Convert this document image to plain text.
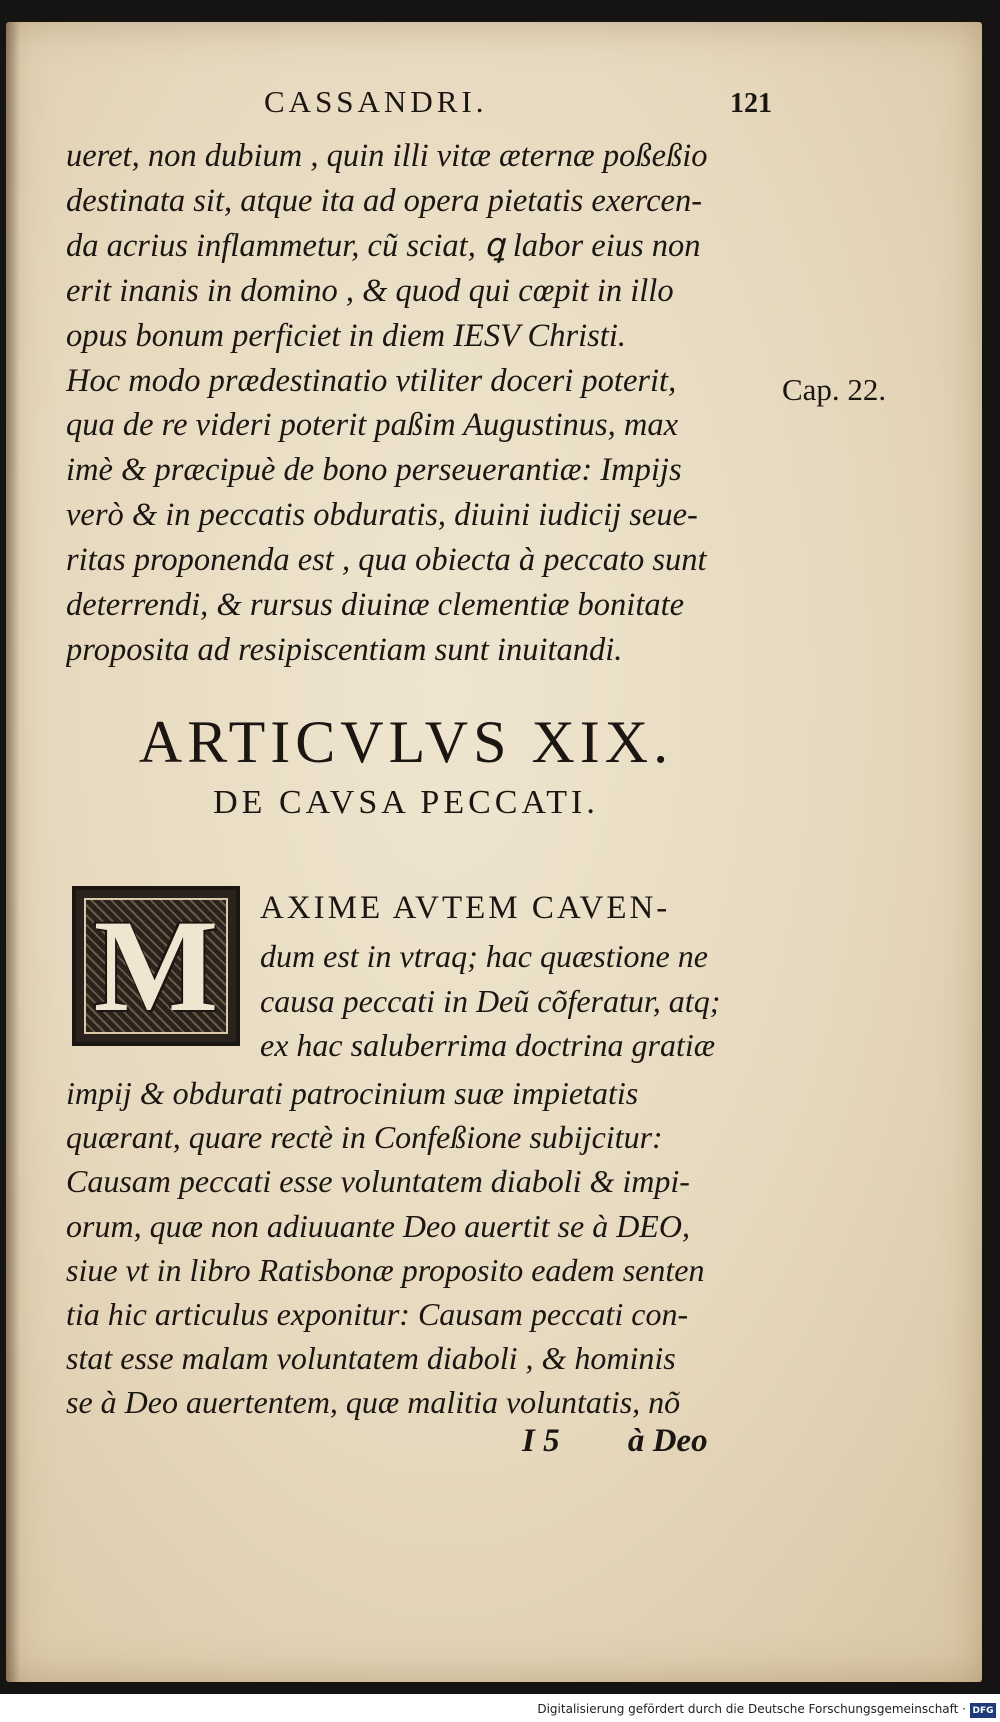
CASSANDRI.	121
ueret, non dubium , quin illi vitæ æternæ poßeßio
destinata sit, atque ita ad opera pietatis exercen-
da acrius inflammetur, cũ sciat, ꝗ labor eius non
erit inanis in domino , & quod qui cœpit in illo
opus bonum perficiet in diem IESV Christi.
Hoc modo prædestinatio vtiliter doceri poterit,
qua de re videri poterit paßim Augustinus, max
imè & præcipuè de bono perseuerantiæ: Impijs
verò & in peccatis obduratis, diuini iudicij seue-
ritas proponenda est , qua obiecta à peccato sunt
deterrendi, & rursus diuinæ clementiæ bonitate
proposita ad resipiscentiam sunt inuitandi.
Cap. 22.
ARTICVLVS XIX.
DE CAVSA PECCATI.
M	AXIME AVTEM CAVEN-
dum est in vtraq; hac quæstione ne
causa peccati in Deũ cõferatur, atq;
ex hac saluberrima doctrina gratiæ
impij & obdurati patrocinium suæ impietatis
quærant, quare rectè in Confeßione subijcitur:
Causam peccati esse voluntatem diaboli & impi-
orum, quæ non adiuuante Deo auertit se à DEO,
siue vt in libro Ratisbonæ proposito eadem senten
tia hic articulus exponitur: Causam peccati con-
stat esse malam voluntatem diaboli , & hominis
se à Deo auertentem, quæ malitia voluntatis, nõ
I 5 à Deo
Digitalisierung gefördert durch die Deutsche Forschungsgemeinschaft · DFG
